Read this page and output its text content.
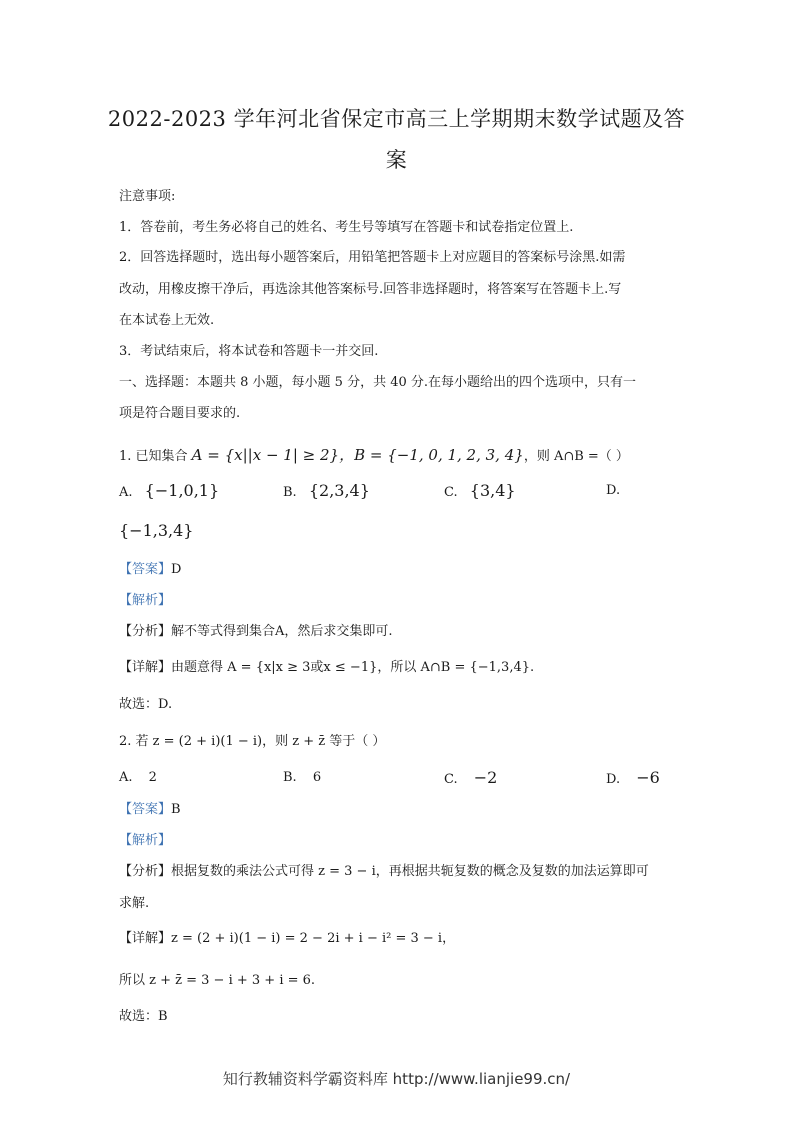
2022-2023 学年河北省保定市高三上学期期末数学试题及答
案
注意事项:
1．答卷前，考生务必将自己的姓名、考生号等填写在答题卡和试卷指定位置上.
2．回答选择题时，选出每小题答案后，用铅笔把答题卡上对应题目的答案标号涂黑.如需
改动，用橡皮擦干净后，再选涂其他答案标号.回答非选择题时，将答案写在答题卡上.写
在本试卷上无效.
3．考试结束后，将本试卷和答题卡一并交回.
一、选择题：本题共 8 小题，每小题 5 分，共 40 分.在每小题给出的四个选项中，只有一
项是符合题目要求的.
1. 已知集合 A = {x||x − 1| ≥ 2}，B = {−1, 0, 1, 2, 3, 4}，则 A∩B =（ ）
A. {−1,0,1}	B. {2,3,4}	C. {3,4}	D.
{−1,3,4}
【答案】D
【解析】
【分析】解不等式得到集合A，然后求交集即可.
【详解】由题意得 A = {x|x ≥ 3或x ≤ −1}，所以 A∩B = {−1,3,4}.
故选：D.
2. 若 z = (2 + i)(1 − i)，则 z + z̄ 等于（ ）
A. 2	B. 6	C. −2	D. −6
【答案】B
【解析】
【分析】根据复数的乘法公式可得 z = 3 − i，再根据共轭复数的概念及复数的加法运算即可
求解.
【详解】z = (2 + i)(1 − i) = 2 − 2i + i − i² = 3 − i，
所以 z + z̄ = 3 − i + 3 + i = 6.
故选：B
知行教辅资料学霸资料库 http://www.lianjie99.cn/
